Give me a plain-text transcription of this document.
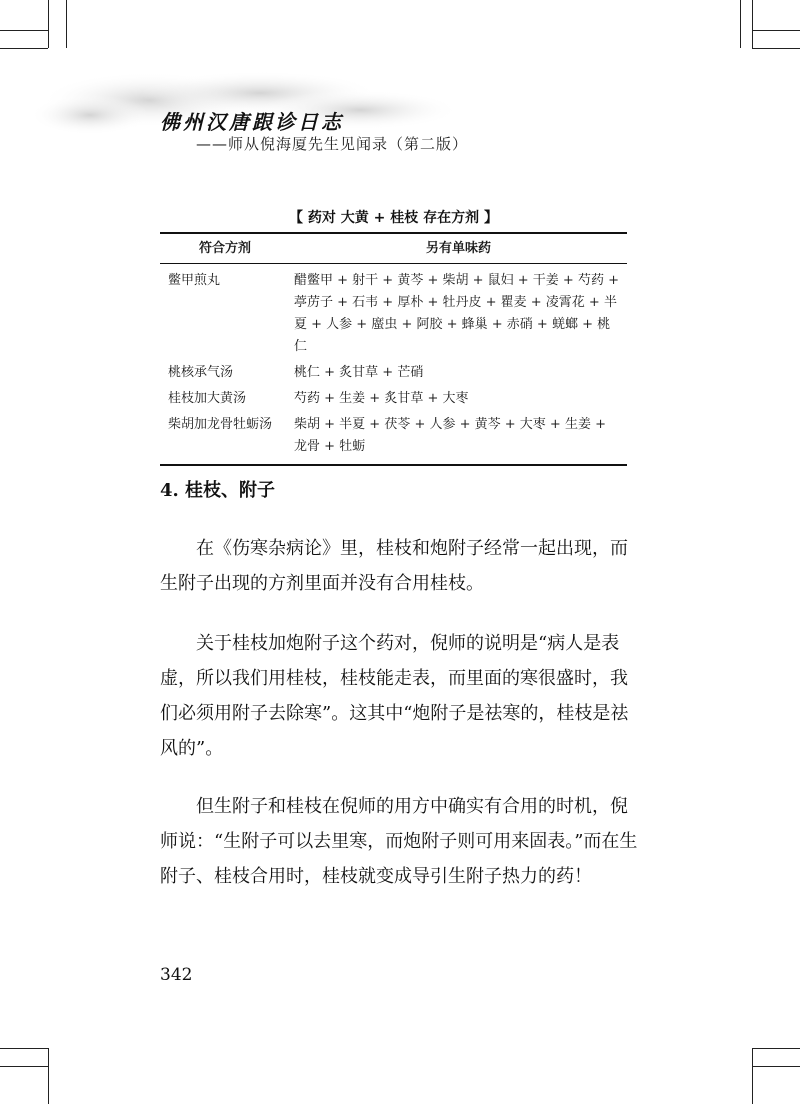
佛州汉唐跟诊日志
——师从倪海厦先生见闻录（第二版）
【 药对 大黄 + 桂枝 存在方剂 】
符合方剂	另有单味药
鳖甲煎丸	醋鳖甲 + 射干 + 黄芩 + 柴胡 + 鼠妇 + 干姜 + 芍药 + 葶苈子 + 石韦 + 厚朴 + 牡丹皮 + 瞿麦 + 凌霄花 + 半夏 + 人参 + 䗪虫 + 阿胶 + 蜂巢 + 赤硝 + 蜣螂 + 桃仁
桃核承气汤	桃仁 + 炙甘草 + 芒硝
桂枝加大黄汤	芍药 + 生姜 + 炙甘草 + 大枣
柴胡加龙骨牡蛎汤	柴胡 + 半夏 + 茯苓 + 人参 + 黄芩 + 大枣 + 生姜 + 龙骨 + 牡蛎
4. 桂枝、附子

在《伤寒杂病论》里，桂枝和炮附子经常一起出现，而生附子出现的方剂里面并没有合用桂枝。

关于桂枝加炮附子这个药对，倪师的说明是“病人是表虚，所以我们用桂枝，桂枝能走表，而里面的寒很盛时，我们必须用附子去除寒”。这其中“炮附子是祛寒的，桂枝是祛风的”。

但生附子和桂枝在倪师的用方中确实有合用的时机，倪师说：“生附子可以去里寒，而炮附子则可用来固表。”而在生附子、桂枝合用时，桂枝就变成导引生附子热力的药！

342
